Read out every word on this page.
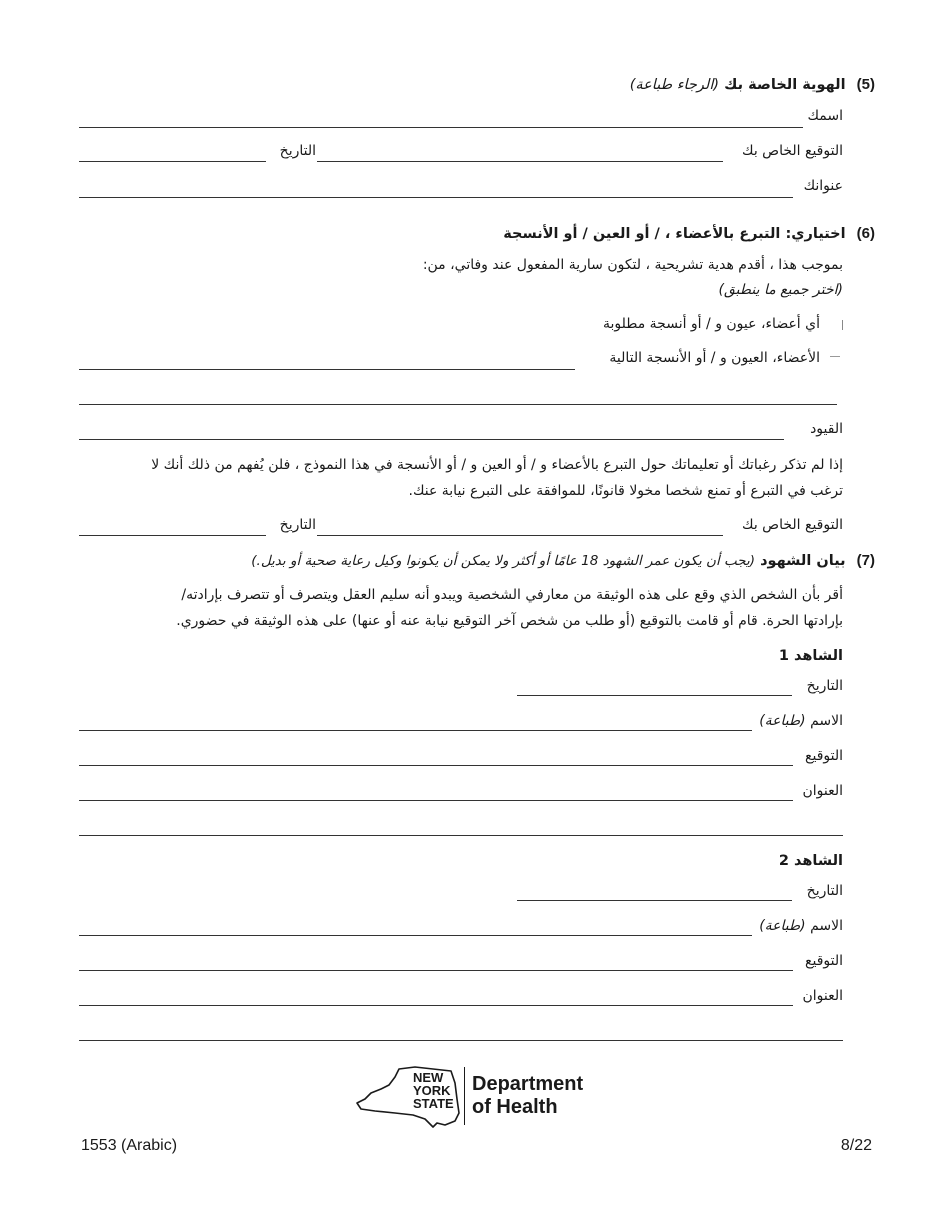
(5) الهوية الخاصة بك (الرجاء طباعة)
اسمك
التوقيع الخاص بك
التاريخ
عنوانك
(6) اختياري: التبرع بالأعضاء ، / أو العين / أو الأنسجة
بموجب هذا ، أقدم هدية تشريحية ، لتكون سارية المفعول عند وفاتي، من:
(اختر جميع ما ينطبق)
أي أعضاء، عيون و / أو أنسجة مطلوبة
الأعضاء، العيون و / أو الأنسجة التالية
القيود
إذا لم تذكر رغباتك أو تعليماتك حول التبرع بالأعضاء و / أو العين و / أو الأنسجة في هذا النموذج ، فلن يُفهم من ذلك أنك لا
ترغب في التبرع أو تمنع شخصا مخولا قانونًا، للموافقة على التبرع نيابة عنك.
التوقيع الخاص بك
التاريخ
(7) بيان الشهود (يجب أن يكون عمر الشهود 18 عامًا أو أكثر ولا يمكن أن يكونوا وكيل رعاية صحية أو بديل.)
أقر بأن الشخص الذي وقع على هذه الوثيقة من معارفي الشخصية ويبدو أنه سليم العقل ويتصرف أو تتصرف بإرادته/
بإرادتها الحرة. قام أو قامت بالتوقيع (أو طلب من شخص آخر التوقيع نيابة عنه أو عنها) على هذه الوثيقة في حضوري.
الشاهد 1
التاريخ
الاسم (طباعة)
التوقيع
العنوان
الشاهد 2
التاريخ
الاسم (طباعة)
التوقيع
العنوان
NEW
YORK
STATE
Department
of Health
1553 (Arabic)	8/22
